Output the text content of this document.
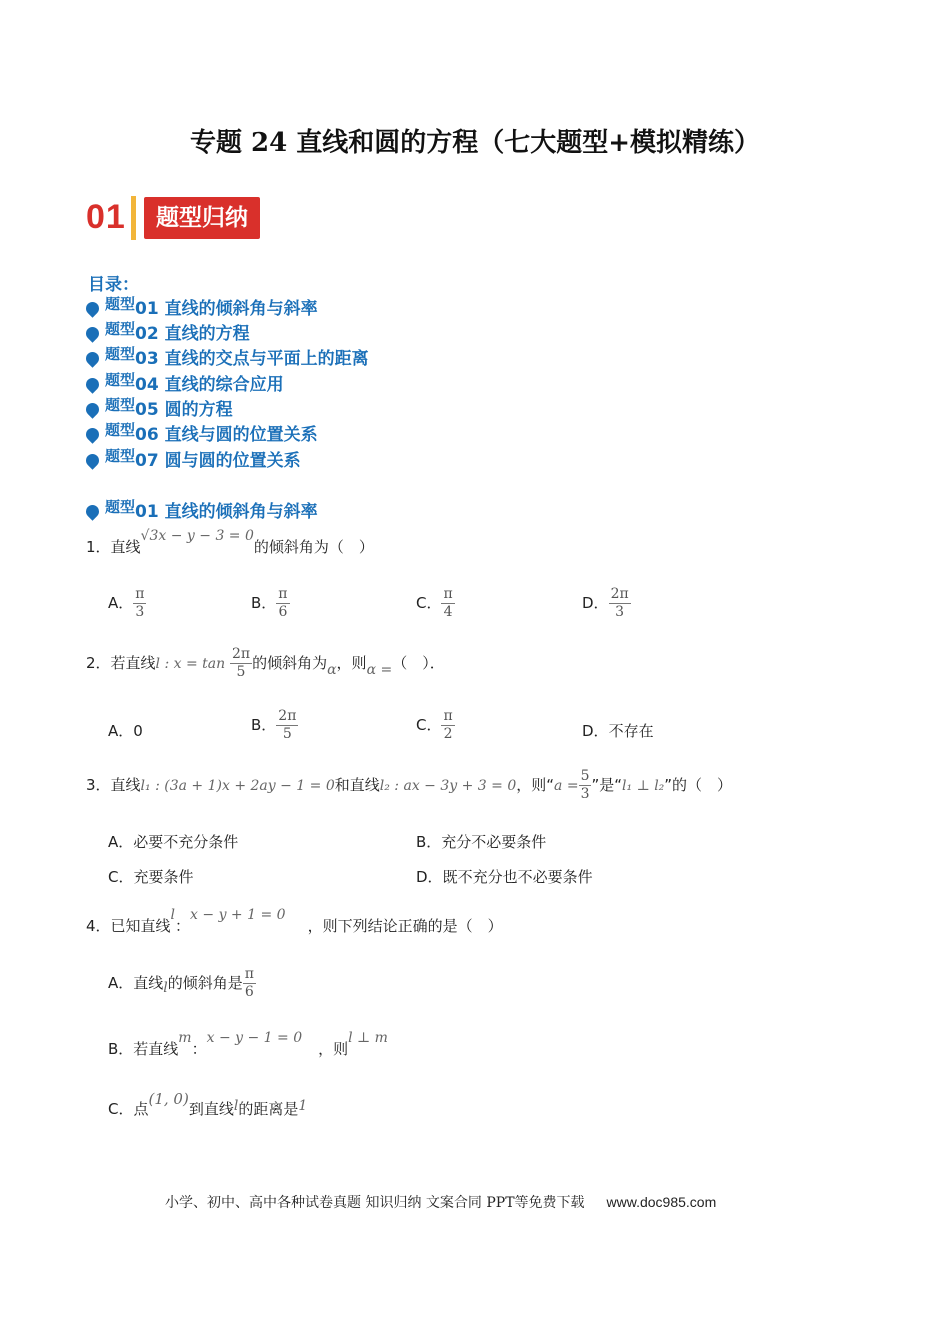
专题 24 直线和圆的方程（七大题型+模拟精练）
01	题型归纳
目录：
题型01 直线的倾斜角与斜率
题型02 直线的方程
题型03 直线的交点与平面上的距离
题型04 直线的综合应用
题型05 圆的方程
题型06 直线与圆的位置关系
题型07 圆与圆的位置关系
题型01 直线的倾斜角与斜率
1．直线√3x − y − 3 = 0的倾斜角为（　）
A． $\frac{\pi}{3}$	B． $\frac{\pi}{6}$	C． $\frac{\pi}{4}$	D． $\frac{2\pi}{3}$
2．若直线l : $x = \tan \frac{2\pi}{5}$ 的倾斜角为α，则α =（　）．
A．0	B． $\frac{2\pi}{5}$	C． $\frac{\pi}{2}$	D．不存在
3．直线l₁ : (3a + 1)x + 2ay − 1 = 0和直线l₂ : ax − 3y + 3 = 0，则“$a = \frac{5}{3}$ ”是“l₁ ⊥ l₂”的（　）
A．必要不充分条件	B．充分不必要条件
C．充要条件	D．既不充分也不必要条件
4．已知直线l：x − y + 1 = 0，则下列结论正确的是（　）
A．直线l的倾斜角是 $\frac{\pi}{6}$
B．若直线m：x − y − 1 = 0，则l ⊥ m
C．点(1, 0)到直线l的距离是1
小学、初中、高中各种试卷真题 知识归纳 文案合同 PPT等免费下载 www.doc985.com
